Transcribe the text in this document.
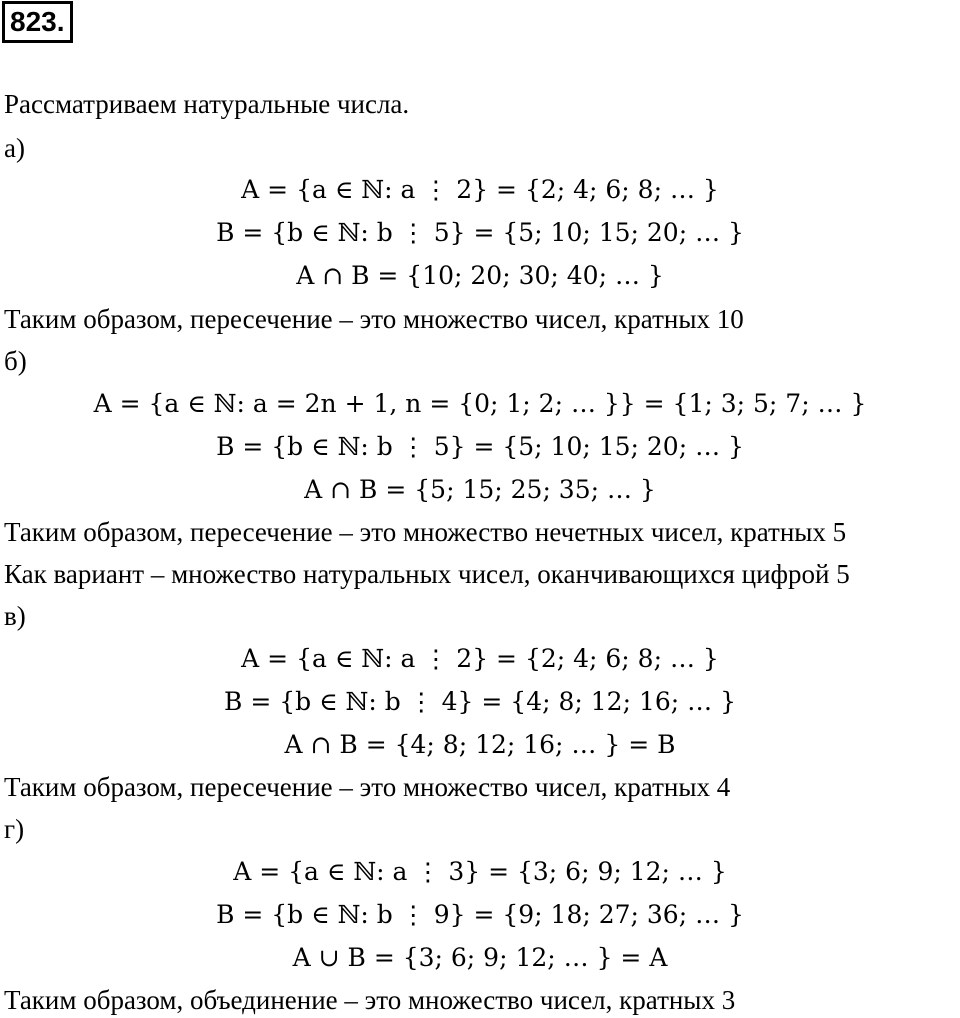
823.
Рассматриваем натуральные числа.
а)
A = {a ∈ ℕ: a ⋮ 2} = {2; 4; 6; 8; … }
B = {b ∈ ℕ: b ⋮ 5} = {5; 10; 15; 20; … }
A ∩ B = {10; 20; 30; 40; … }
Таким образом, пересечение – это множество чисел, кратных 10
б)
A = {a ∈ ℕ: a = 2n + 1, n = {0; 1; 2; … }} = {1; 3; 5; 7; … }
B = {b ∈ ℕ: b ⋮ 5} = {5; 10; 15; 20; … }
A ∩ B = {5; 15; 25; 35; … }
Таким образом, пересечение – это множество нечетных чисел, кратных 5
Как вариант – множество натуральных чисел, оканчивающихся цифрой 5
в)
A = {a ∈ ℕ: a ⋮ 2} = {2; 4; 6; 8; … }
B = {b ∈ ℕ: b ⋮ 4} = {4; 8; 12; 16; … }
A ∩ B = {4; 8; 12; 16; … } = B
Таким образом, пересечение – это множество чисел, кратных 4
г)
A = {a ∈ ℕ: a ⋮ 3} = {3; 6; 9; 12; … }
B = {b ∈ ℕ: b ⋮ 9} = {9; 18; 27; 36; … }
A ∪ B = {3; 6; 9; 12; … } = A
Таким образом, объединение – это множество чисел, кратных 3
